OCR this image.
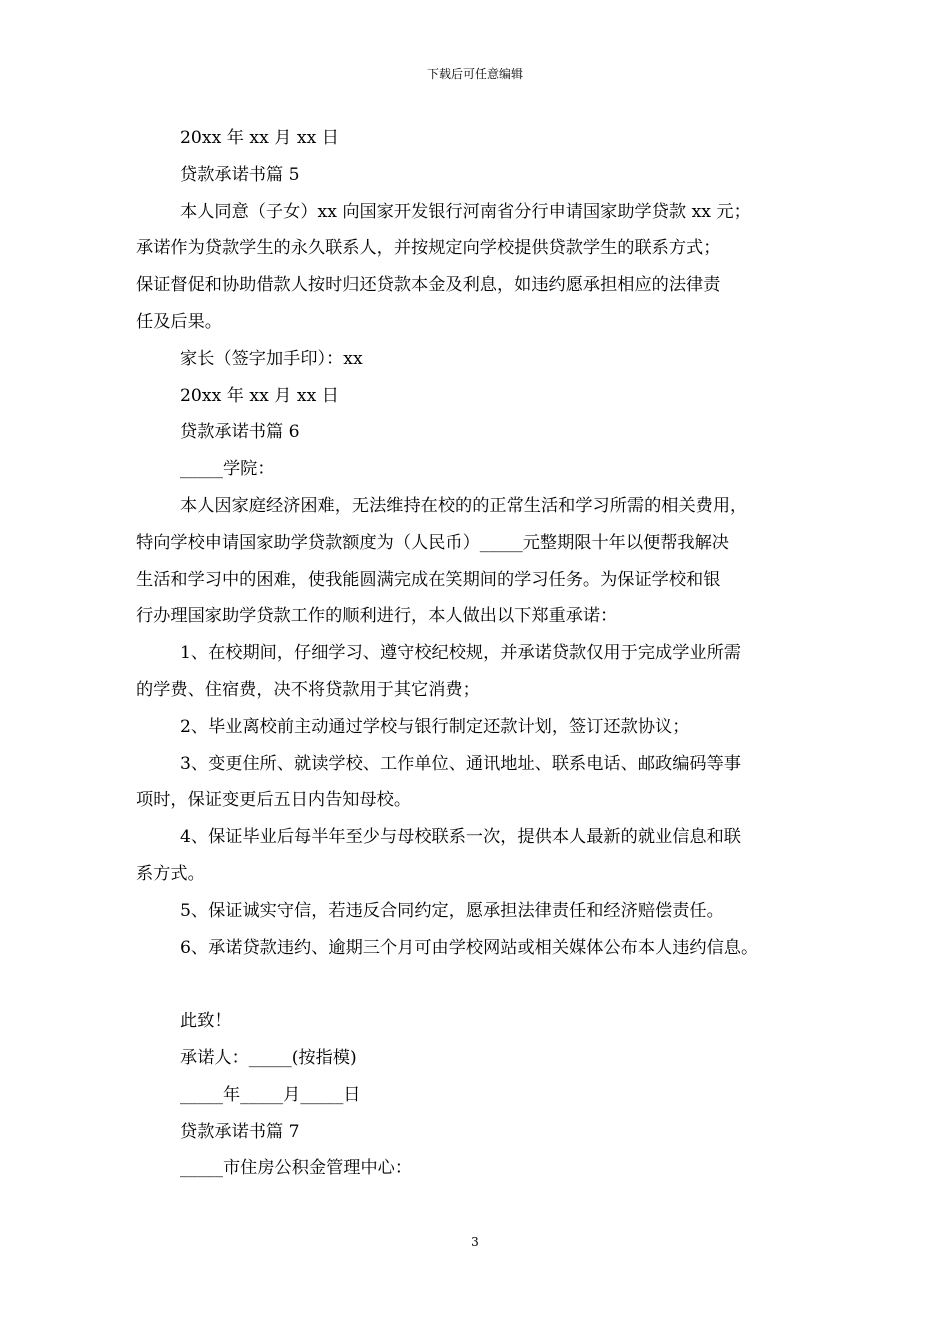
下载后可任意编辑
20xx 年 xx 月 xx 日
贷款承诺书篇 5
本人同意（子女）xx 向国家开发银行河南省分行申请国家助学贷款 xx 元；
承诺作为贷款学生的永久联系人，并按规定向学校提供贷款学生的联系方式；
保证督促和协助借款人按时归还贷款本金及利息，如违约愿承担相应的法律责
任及后果。
家长（签字加手印）：xx
20xx 年 xx 月 xx 日
贷款承诺书篇 6
_____学院：
本人因家庭经济困难，无法维持在校的的正常生活和学习所需的相关费用，
特向学校申请国家助学贷款额度为（人民币）_____元整期限十年以便帮我解决
生活和学习中的困难，使我能圆满完成在笑期间的学习任务。为保证学校和银
行办理国家助学贷款工作的顺利进行，本人做出以下郑重承诺：
1、在校期间，仔细学习、遵守校纪校规，并承诺贷款仅用于完成学业所需
的学费、住宿费，决不将贷款用于其它消费；
2、毕业离校前主动通过学校与银行制定还款计划，签订还款协议；
3、变更住所、就读学校、工作单位、通讯地址、联系电话、邮政编码等事
项时，保证变更后五日内告知母校。
4、保证毕业后每半年至少与母校联系一次，提供本人最新的就业信息和联
系方式。
5、保证诚实守信，若违反合同约定，愿承担法律责任和经济赔偿责任。
6、承诺贷款违约、逾期三个月可由学校网站或相关媒体公布本人违约信息。
此致！
承诺人：_____(按指模)
_____年_____月_____日
贷款承诺书篇 7
_____市住房公积金管理中心：
3
